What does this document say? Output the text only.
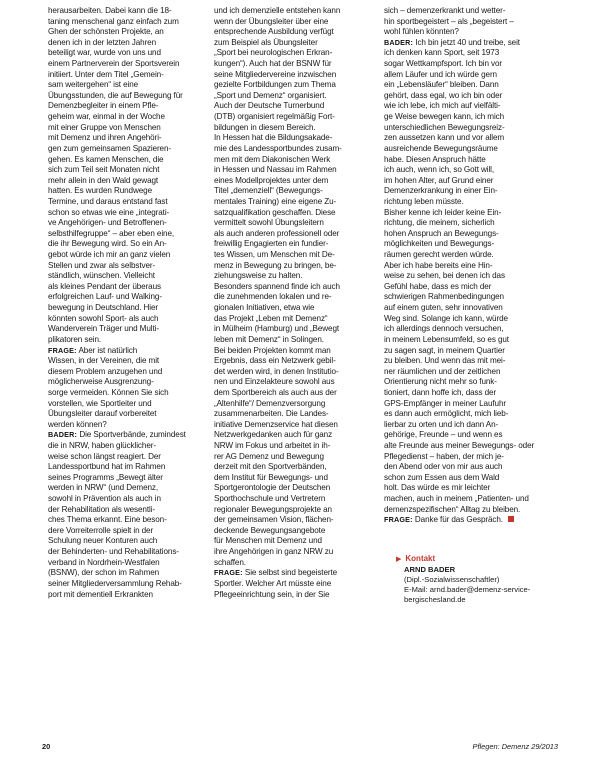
herausarbeiten. Dabei kann die 18-
taning menschenal ganz einfach zum
Ghen der schönsten Projekte, an
denen ich in der letzten Jahren
beteiligt war, wurde von uns und
einem Partnerverein der Sportsverein
initiiert. Unter dem Titel „Gemein-
sam weitergehen“ ist eine
Übungsstunden, die auf Bewegung für
Demenzbegleiter in einem Pfle-
geheim war, einmal in der Woche
mit einer Gruppe von Menschen
mit Demenz und ihren Angehöri-
gen zum gemeinsamen Spazieren-
gehen. Es kamen Menschen, die
sich zum Teil seit Monaten nicht
mehr allein in den Wald gewagt
hatten. Es wurden Rundwege
Termine, und daraus entstand fast
schon so etwas wie eine „integrati-
ve Angehörigen- und Betroffenen-
selbsthilfegruppe“ – aber eben eine,
die ihr Bewegung wird. So ein An-
gebot würde ich mir an ganz vielen
Stellen und zwar als selbstver-
ständlich, wünschen. Vielleicht
als kleines Pendant der überaus
erfolgreichen Lauf- und Walking-
bewegung in Deutschland. Hier
könnten sowohl Sport- als auch
Wanderverein Träger und Multi-
plikatoren sein.
FRAGE: Aber ist natürlich
Wissen, in der Vereinen, die mit
diesem Problem anzugehen und
möglicherweise Ausgrenzung-
sorge vermeiden. Können Sie sich
vorstellen, wie Sportleiter und
Übungsleiter darauf vorbereitet
werden können?
BADER: Die Sportverbände, zumindest
die in NRW, haben glücklicher-
weise schon längst reagiert. Der
Landessportbund hat im Rahmen
seines Programms „Bewegt älter
werden in NRW“ (und Demenz,
sowohl in Prävention als auch in
der Rehabilitation als wesentli-
ches Thema erkannt. Eine beson-
dere Vorreiterrolle spielt in der
Schulung neuer Konturen auch
der Behinderten- und Rehabilitations-
verband in Nordrhein-Westfalen
(BSNW), der schon im Rahmen
seiner Mitgliederversammlung Rehab-
port mit dementiell Erkrankten
und ich demenzielle entstehen kann
wenn der Übungsleiter über eine
entsprechende Ausbildung verfügt
zum Beispiel als Übungsleiter
„Sport bei neurologischen Erkran-
kungen“). Auch hat der BSNW für
seine Mitgliedervereine inzwischen
gezielte Fortbildungen zum Thema
„Sport und Demenz“ organisiert.
Auch der Deutsche Turnerbund
(DTB) organisiert regelmäßig Fort-
bildungen in diesem Bereich.
In Hessen hat die Bildungsakade-
mie des Landessportbundes zusam-
men mit dem Diakonischen Werk
in Hessen und Nassau im Rahmen
eines Modellprojektes unter dem
Titel „demenziell“ (Bewegungs-
mentales Training) eine eigene Zu-
satzqualifikation geschaffen. Diese
vermittelt sowohl Übungsleitern
als auch anderen professionell oder
freiwillig Engagierten ein fundier-
tes Wissen, um Menschen mit De-
menz in Bewegung zu bringen, be-
ziehungsweise zu halten.
Besonders spannend finde ich auch
die zunehmenden lokalen und re-
gionalen Initiativen, etwa wie
das Projekt „Leben mit Demenz“
in Mülheim (Hamburg) und „Bewegt
leben mit Demenz“ in Solingen.
Bei beiden Projekten kommt man
Ergebnis, dass ein Netzwerk gebil-
det werden wird, in denen Institutio-
nen und Einzelakteure sowohl aus
dem Sportbereich als auch aus der
„Altenhilfe“/ Demenzversorgung
zusammenarbeiten. Die Landes-
initiative Demenzservice hat diesen
Netzwerkgedanken auch für ganz
NRW im Fokus und arbeitet in ih-
rer AG Demenz und Bewegung
derzeit mit den Sportverbänden,
dem Institut für Bewegungs- und
Sportgerontologie der Deutschen
Sporthochschule und Vertretern
regionaler Bewegungsprojekte an
der gemeinsamen Vision, flächen-
deckende Bewegungsangebote
für Menschen mit Demenz und
ihre Angehörigen in ganz NRW zu
schaffen.
FRAGE: Sie selbst sind begeisterte
Sportler. Welcher Art müsste eine
Pflegeeinrichtung sein, in der Sie
sich – demenzerkrankt und wetter-
hin sportbegeistert – als „begeistert –
wohl fühlen könnten?
BADER: Ich bin jetzt 40 und treibe, seit
ich denken kann Sport, seit 1973
sogar Wettkampfsport. Ich bin vor
allem Läufer und ich würde gern
ein „Lebensläufer“ bleiben. Dann
gehört, dass egal, wo ich bin oder
wie ich lebe, ich mich auf vielfälti-
ge Weise bewegen kann, ich mich
unterschiedlichen Bewegungsreiz-
zen aussetzen kann und vor allem
ausreichende Bewegungsräume
habe. Diesen Anspruch hätte
ich auch, wenn ich, so Gott will,
im hohen Alter, auf Grund einer
Demenzerkrankung in einer Ein-
richtung leben müsste.
Bisher kenne ich leider keine Ein-
richtung, die meinem, sicherlich
hohen Anspruch an Bewegungs-
möglichkeiten und Bewegungs-
räumen gerecht werden würde.
Aber ich habe bereits eine Hin-
weise zu sehen, bei denen ich das
Gefühl habe, dass es mich der
schwierigen Rahmenbedingungen
auf einem guten, sehr innovativen
Weg sind. Solange ich kann, würde
ich allerdings dennoch versuchen,
in meinem Lebensumfeld, so es gut
zu sagen sagt, in meinem Quartier
zu bleiben. Und wenn das mit mei-
ner räumlichen und der zeitlichen
Orientierung nicht mehr so funk-
tioniert, dann hoffe ich, dass der
GPS-Empfänger in meiner Laufuhr
es dann auch ermöglicht, mich lieb-
lierbar zu orten und ich dann An-
gehörige, Freunde – und wenn es
alte Freunde aus meiner Bewegungs- oder
Pflegedienst – haben, der mich je-
den Abend oder von mir aus auch
schon zum Essen aus dem Wald
holt. Das würde es mir leichter
machen, auch in meinem „Patienten- und
demenzspezifischen“ Alltag zu bleiben.
FRAGE: Danke für das Gespräch.
▶ Kontakt
ARND BADER
(Dipl.-Sozialwissenschaftler)
E-Mail: arnd.bader@demenz-service-
bergischesland.de
20	Pflegen: Demenz 29/2013
